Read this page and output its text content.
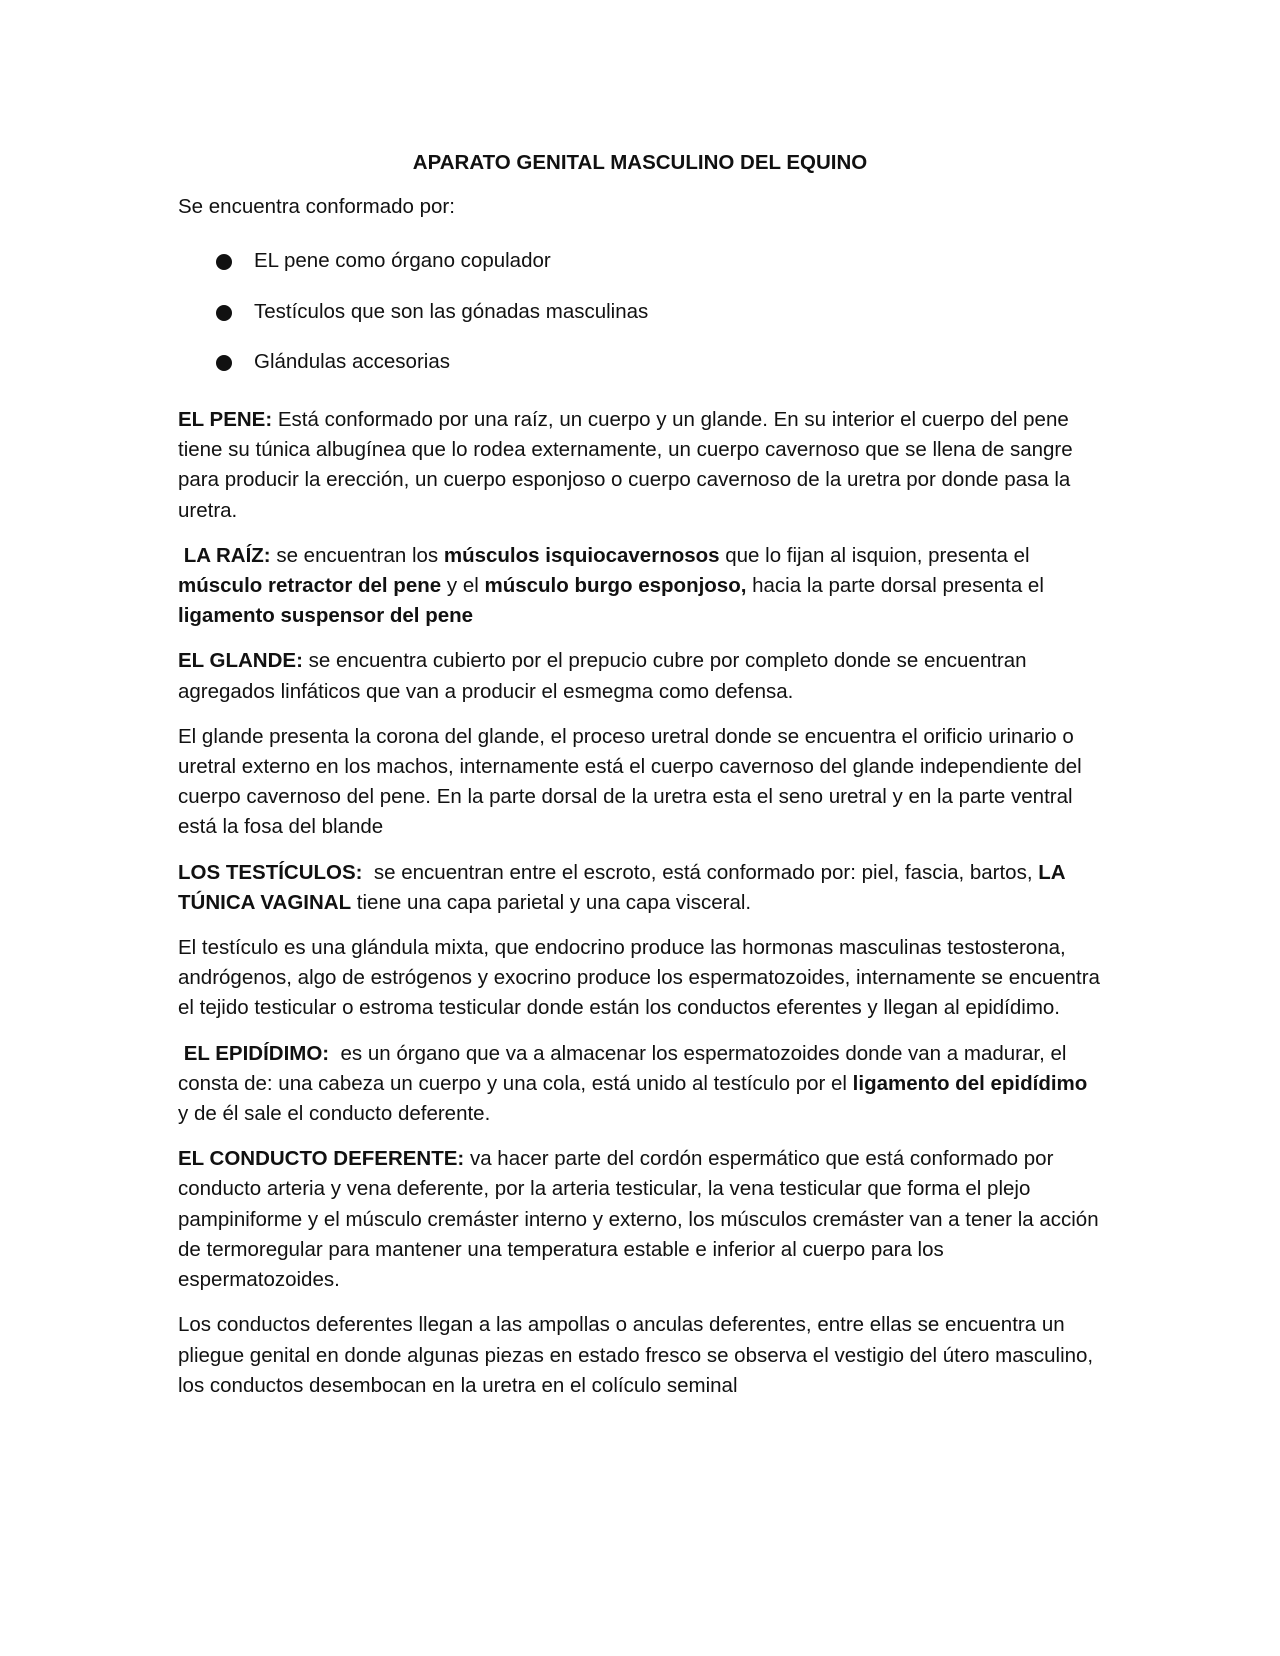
APARATO GENITAL MASCULINO DEL EQUINO

Se encuentra conformado por:

EL pene como órgano copulador
Testículos que son las gónadas masculinas
Glándulas accesorias

EL PENE: Está conformado por una raíz, un cuerpo y un glande. En su interior el cuerpo del pene tiene su túnica albugínea que lo rodea externamente, un cuerpo cavernoso que se llena de sangre para producir la erección, un cuerpo esponjoso o cuerpo cavernoso de la uretra por donde pasa la uretra.

LA RAÍZ: se encuentran los músculos isquiocavernosos que lo fijan al isquion, presenta el músculo retractor del pene y el músculo burgo esponjoso, hacia la parte dorsal presenta el ligamento suspensor del pene

EL GLANDE: se encuentra cubierto por el prepucio cubre por completo donde se encuentran agregados linfáticos que van a producir el esmegma como defensa.

El glande presenta la corona del glande, el proceso uretral donde se encuentra el orificio urinario o uretral externo en los machos, internamente está el cuerpo cavernoso del glande independiente del cuerpo cavernoso del pene. En la parte dorsal de la uretra esta el seno uretral y en la parte ventral está la fosa del blande

LOS TESTÍCULOS:  se encuentran entre el escroto, está conformado por: piel, fascia, bartos, LA TÚNICA VAGINAL tiene una capa parietal y una capa visceral.

El testículo es una glándula mixta, que endocrino produce las hormonas masculinas testosterona, andrógenos, algo de estrógenos y exocrino produce los espermatozoides, internamente se encuentra el tejido testicular o estroma testicular donde están los conductos eferentes y llegan al epidídimo.

EL EPIDÍDIMO:  es un órgano que va a almacenar los espermatozoides donde van a madurar, el consta de: una cabeza un cuerpo y una cola, está unido al testículo por el ligamento del epidídimo y de él sale el conducto deferente.

EL CONDUCTO DEFERENTE: va hacer parte del cordón espermático que está conformado por conducto arteria y vena deferente, por la arteria testicular, la vena testicular que forma el plejo pampiniforme y el músculo cremáster interno y externo, los músculos cremáster van a tener la acción de termoregular para mantener una temperatura estable e inferior al cuerpo para los espermatozoides.

Los conductos deferentes llegan a las ampollas o anculas deferentes, entre ellas se encuentra un pliegue genital en donde algunas piezas en estado fresco se observa el vestigio del útero masculino, los conductos desembocan en la uretra en el colículo seminal
